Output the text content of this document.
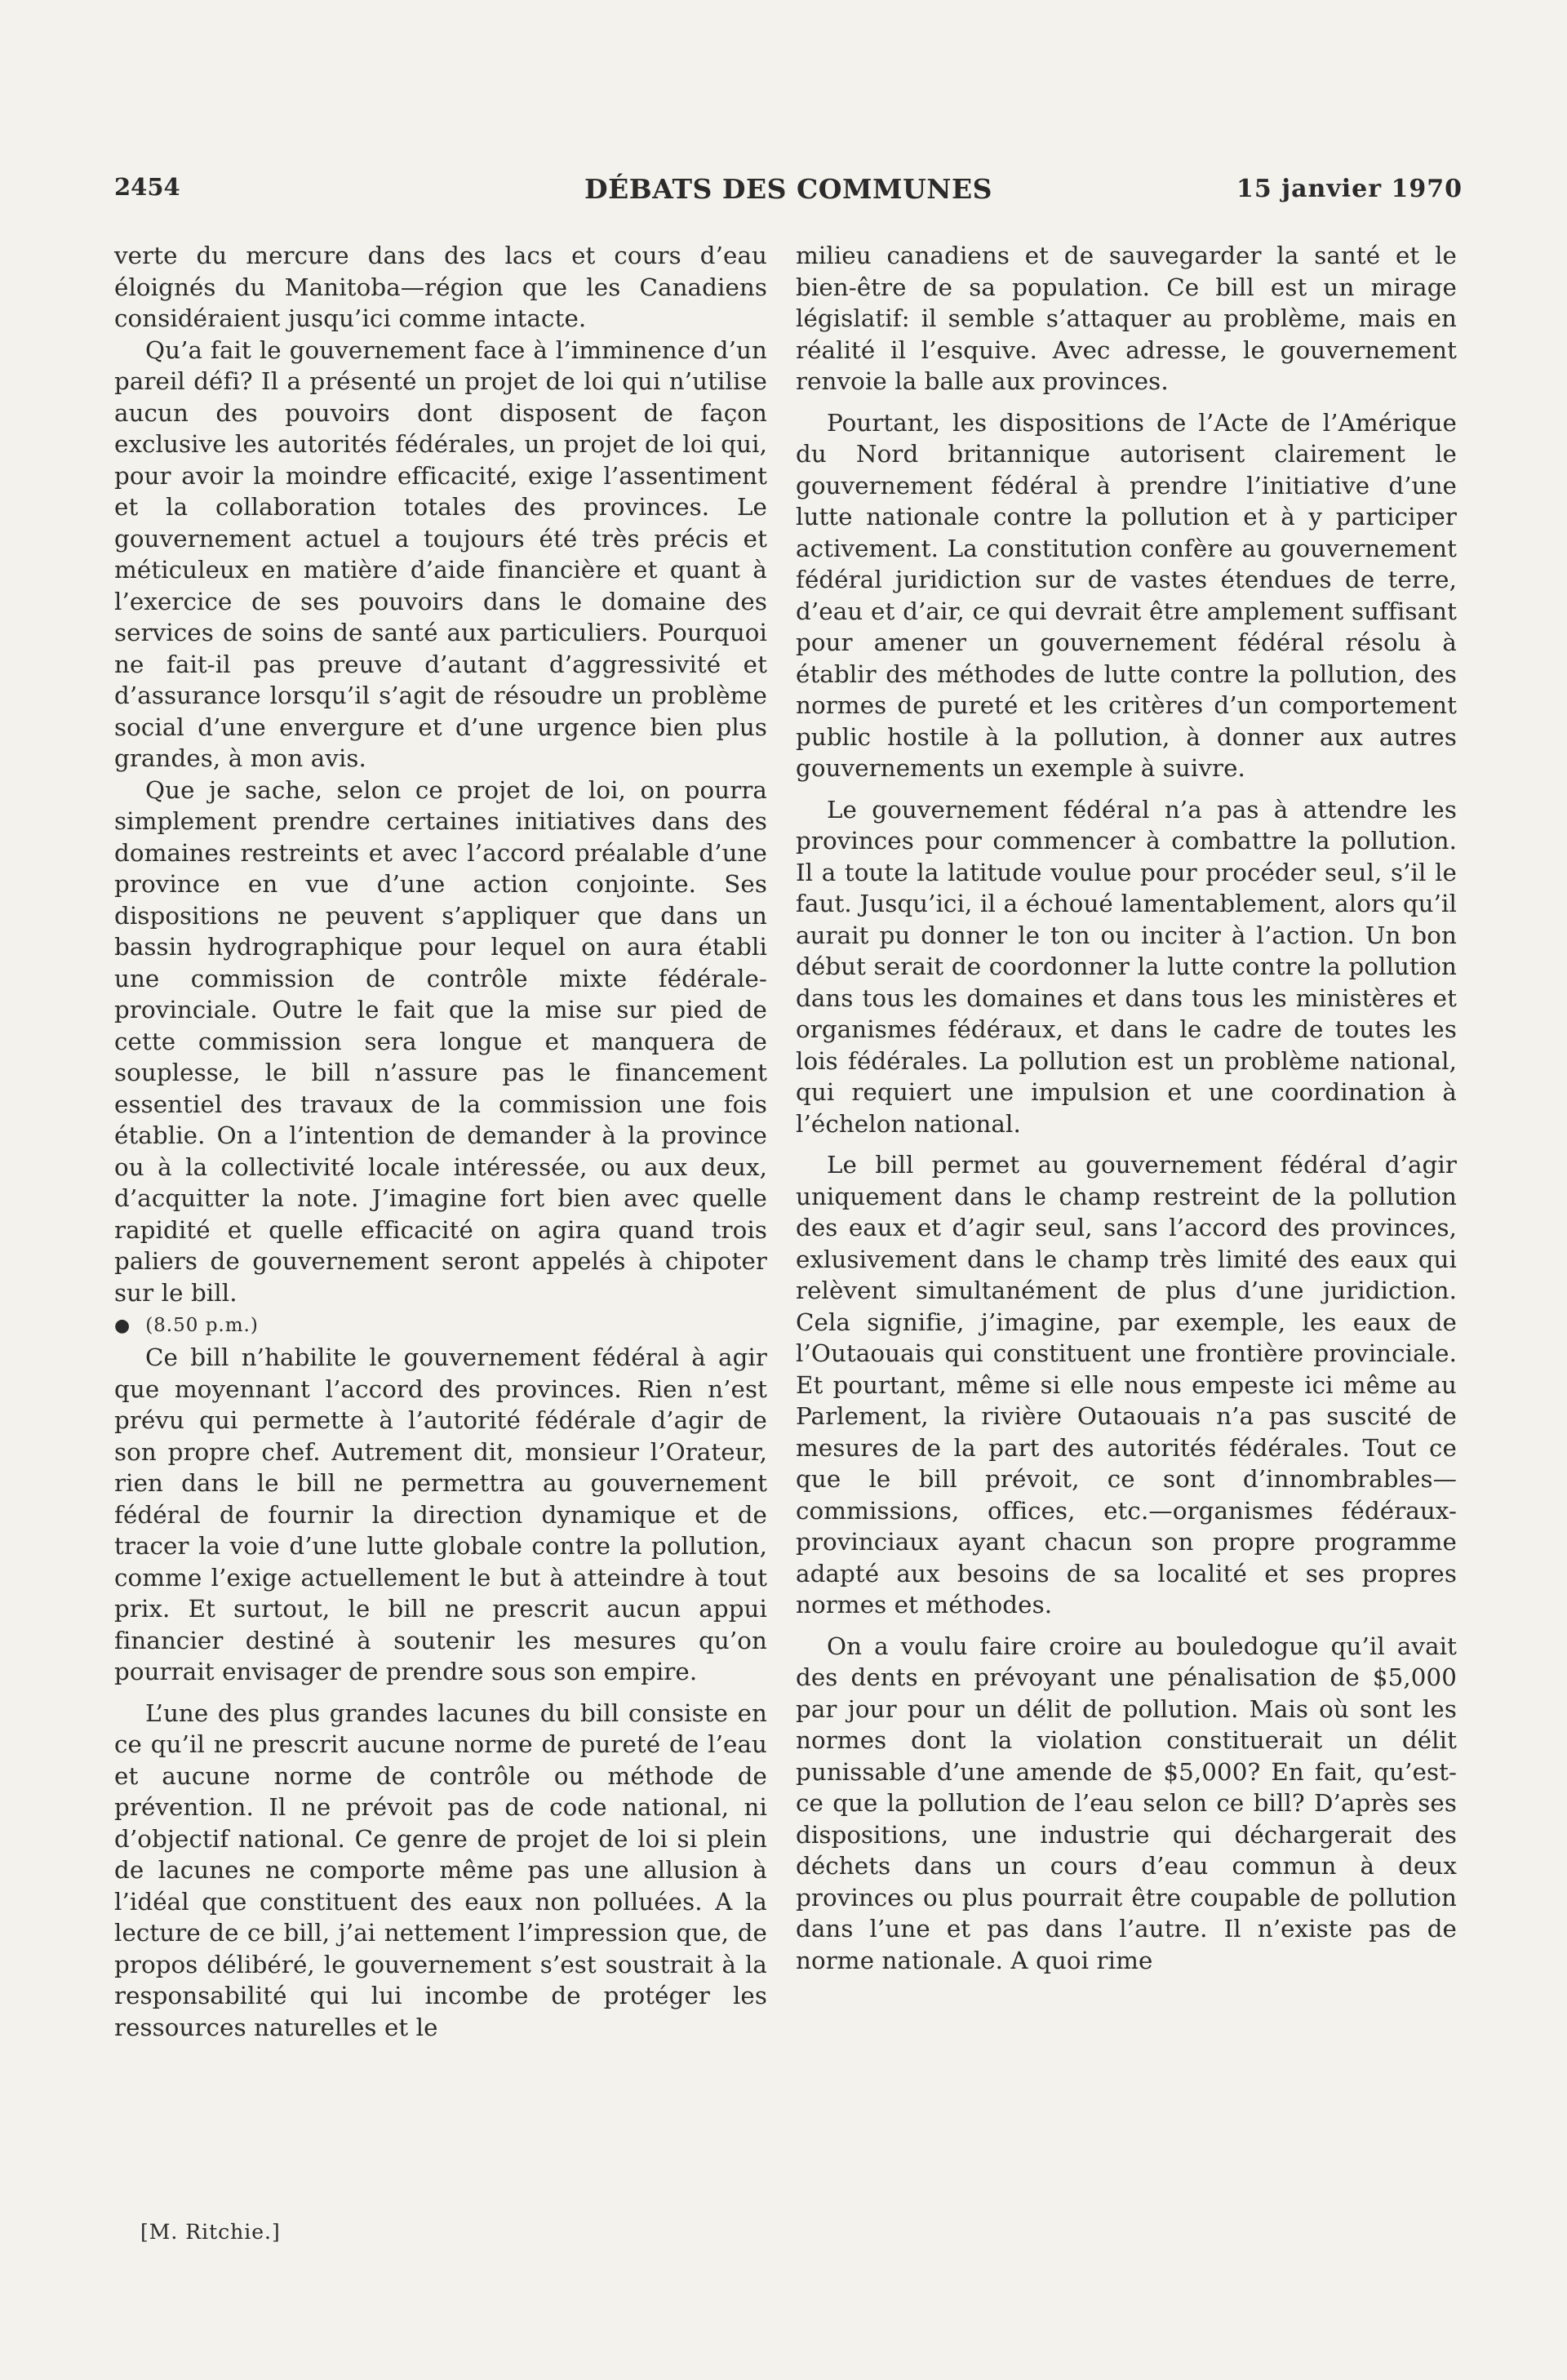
2454	DÉBATS DES COMMUNES	15 janvier 1970

verte du mercure dans des lacs et cours d’eau éloignés du Manitoba—région que les Canadiens considéraient jusqu’ici comme intacte.

Qu’a fait le gouvernement face à l’imminence d’un pareil défi? Il a présenté un projet de loi qui n’utilise aucun des pouvoirs dont disposent de façon exclusive les autorités fédérales, un projet de loi qui, pour avoir la moindre efficacité, exige l’assentiment et la collaboration totales des provinces. Le gouvernement actuel a toujours été très précis et méticuleux en matière d’aide financière et quant à l’exercice de ses pouvoirs dans le domaine des services de soins de santé aux particuliers. Pourquoi ne fait-il pas preuve d’autant d’aggressivité et d’assurance lorsqu’il s’agit de résoudre un problème social d’une envergure et d’une urgence bien plus grandes, à mon avis.

Que je sache, selon ce projet de loi, on pourra simplement prendre certaines initiatives dans des domaines restreints et avec l’accord préalable d’une province en vue d’une action conjointe. Ses dispositions ne peuvent s’appliquer que dans un bassin hydrographique pour lequel on aura établi une commission de contrôle mixte fédérale-provinciale. Outre le fait que la mise sur pied de cette commission sera longue et manquera de souplesse, le bill n’assure pas le financement essentiel des travaux de la commission une fois établie. On a l’intention de demander à la province ou à la collectivité locale intéressée, ou aux deux, d’acquitter la note. J’imagine fort bien avec quelle rapidité et quelle efficacité on agira quand trois paliers de gouvernement seront appelés à chipoter sur le bill.

● (8.50 p.m.)

Ce bill n’habilite le gouvernement fédéral à agir que moyennant l’accord des provinces. Rien n’est prévu qui permette à l’autorité fédérale d’agir de son propre chef. Autrement dit, monsieur l’Orateur, rien dans le bill ne permettra au gouvernement fédéral de fournir la direction dynamique et de tracer la voie d’une lutte globale contre la pollution, comme l’exige actuellement le but à atteindre à tout prix. Et surtout, le bill ne prescrit aucun appui financier destiné à soutenir les mesures qu’on pourrait envisager de prendre sous son empire.

L’une des plus grandes lacunes du bill consiste en ce qu’il ne prescrit aucune norme de pureté de l’eau et aucune norme de contrôle ou méthode de prévention. Il ne prévoit pas de code national, ni d’objectif national. Ce genre de projet de loi si plein de lacunes ne comporte même pas une allusion à l’idéal que constituent des eaux non polluées. A la lecture de ce bill, j’ai nettement l’impression que, de propos délibéré, le gouvernement s’est soustrait à la responsabilité qui lui incombe de protéger les ressources naturelles et le

milieu canadiens et de sauvegarder la santé et le bien-être de sa population. Ce bill est un mirage législatif: il semble s’attaquer au problème, mais en réalité il l’esquive. Avec adresse, le gouvernement renvoie la balle aux provinces.

Pourtant, les dispositions de l’Acte de l’Amérique du Nord britannique autorisent clairement le gouvernement fédéral à prendre l’initiative d’une lutte nationale contre la pollution et à y participer activement. La constitution confère au gouvernement fédéral juridiction sur de vastes étendues de terre, d’eau et d’air, ce qui devrait être amplement suffisant pour amener un gouvernement fédéral résolu à établir des méthodes de lutte contre la pollution, des normes de pureté et les critères d’un comportement public hostile à la pollution, à donner aux autres gouvernements un exemple à suivre.

Le gouvernement fédéral n’a pas à attendre les provinces pour commencer à combattre la pollution. Il a toute la latitude voulue pour procéder seul, s’il le faut. Jusqu’ici, il a échoué lamentablement, alors qu’il aurait pu donner le ton ou inciter à l’action. Un bon début serait de coordonner la lutte contre la pollution dans tous les domaines et dans tous les ministères et organismes fédéraux, et dans le cadre de toutes les lois fédérales. La pollution est un problème national, qui requiert une impulsion et une coordination à l’échelon national.

Le bill permet au gouvernement fédéral d’agir uniquement dans le champ restreint de la pollution des eaux et d’agir seul, sans l’accord des provinces, exlusivement dans le champ très limité des eaux qui relèvent simultanément de plus d’une juridiction. Cela signifie, j’imagine, par exemple, les eaux de l’Outaouais qui constituent une frontière provinciale. Et pourtant, même si elle nous empeste ici même au Parlement, la rivière Outaouais n’a pas suscité de mesures de la part des autorités fédérales. Tout ce que le bill prévoit, ce sont d’innombrables—commissions, offices, etc.—organismes fédéraux-provinciaux ayant chacun son propre programme adapté aux besoins de sa localité et ses propres normes et méthodes.

On a voulu faire croire au bouledogue qu’il avait des dents en prévoyant une pénalisation de $5,000 par jour pour un délit de pollution. Mais où sont les normes dont la violation constituerait un délit punissable d’une amende de $5,000? En fait, qu’est-ce que la pollution de l’eau selon ce bill? D’après ses dispositions, une industrie qui déchargerait des déchets dans un cours d’eau commun à deux provinces ou plus pourrait être coupable de pollution dans l’une et pas dans l’autre. Il n’existe pas de norme nationale. A quoi rime

[M. Ritchie.]
